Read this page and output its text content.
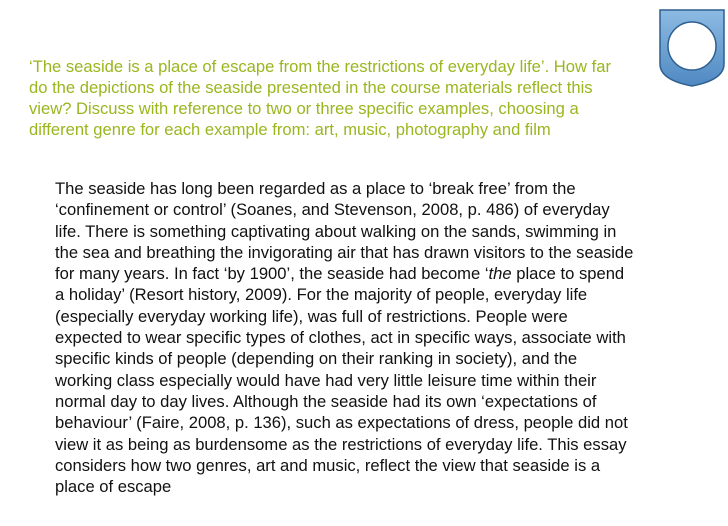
‘The seaside is a place of escape from the restrictions of everyday life’. How far
do the depictions of the seaside presented in the course materials reflect this
view? Discuss with reference to two or three specific examples, choosing a
different genre for each example from: art, music, photography and film
The seaside has long been regarded as a place to ‘break free’ from the
‘confinement or control’ (Soanes, and Stevenson, 2008, p. 486) of everyday
life. There is something captivating about walking on the sands, swimming in
the sea and breathing the invigorating air that has drawn visitors to the seaside
for many years. In fact ‘by 1900’, the seaside had become ‘the place to spend
a holiday’ (Resort history, 2009). For the majority of people, everyday life
(especially everyday working life), was full of restrictions. People were
expected to wear specific types of clothes, act in specific ways, associate with
specific kinds of people (depending on their ranking in society), and the
working class especially would have had very little leisure time within their
normal day to day lives. Although the seaside had its own ‘expectations of
behaviour’ (Faire, 2008, p. 136), such as expectations of dress, people did not
view it as being as burdensome as the restrictions of everyday life. This essay
considers how two genres, art and music, reflect the view that seaside is a
place of escape
